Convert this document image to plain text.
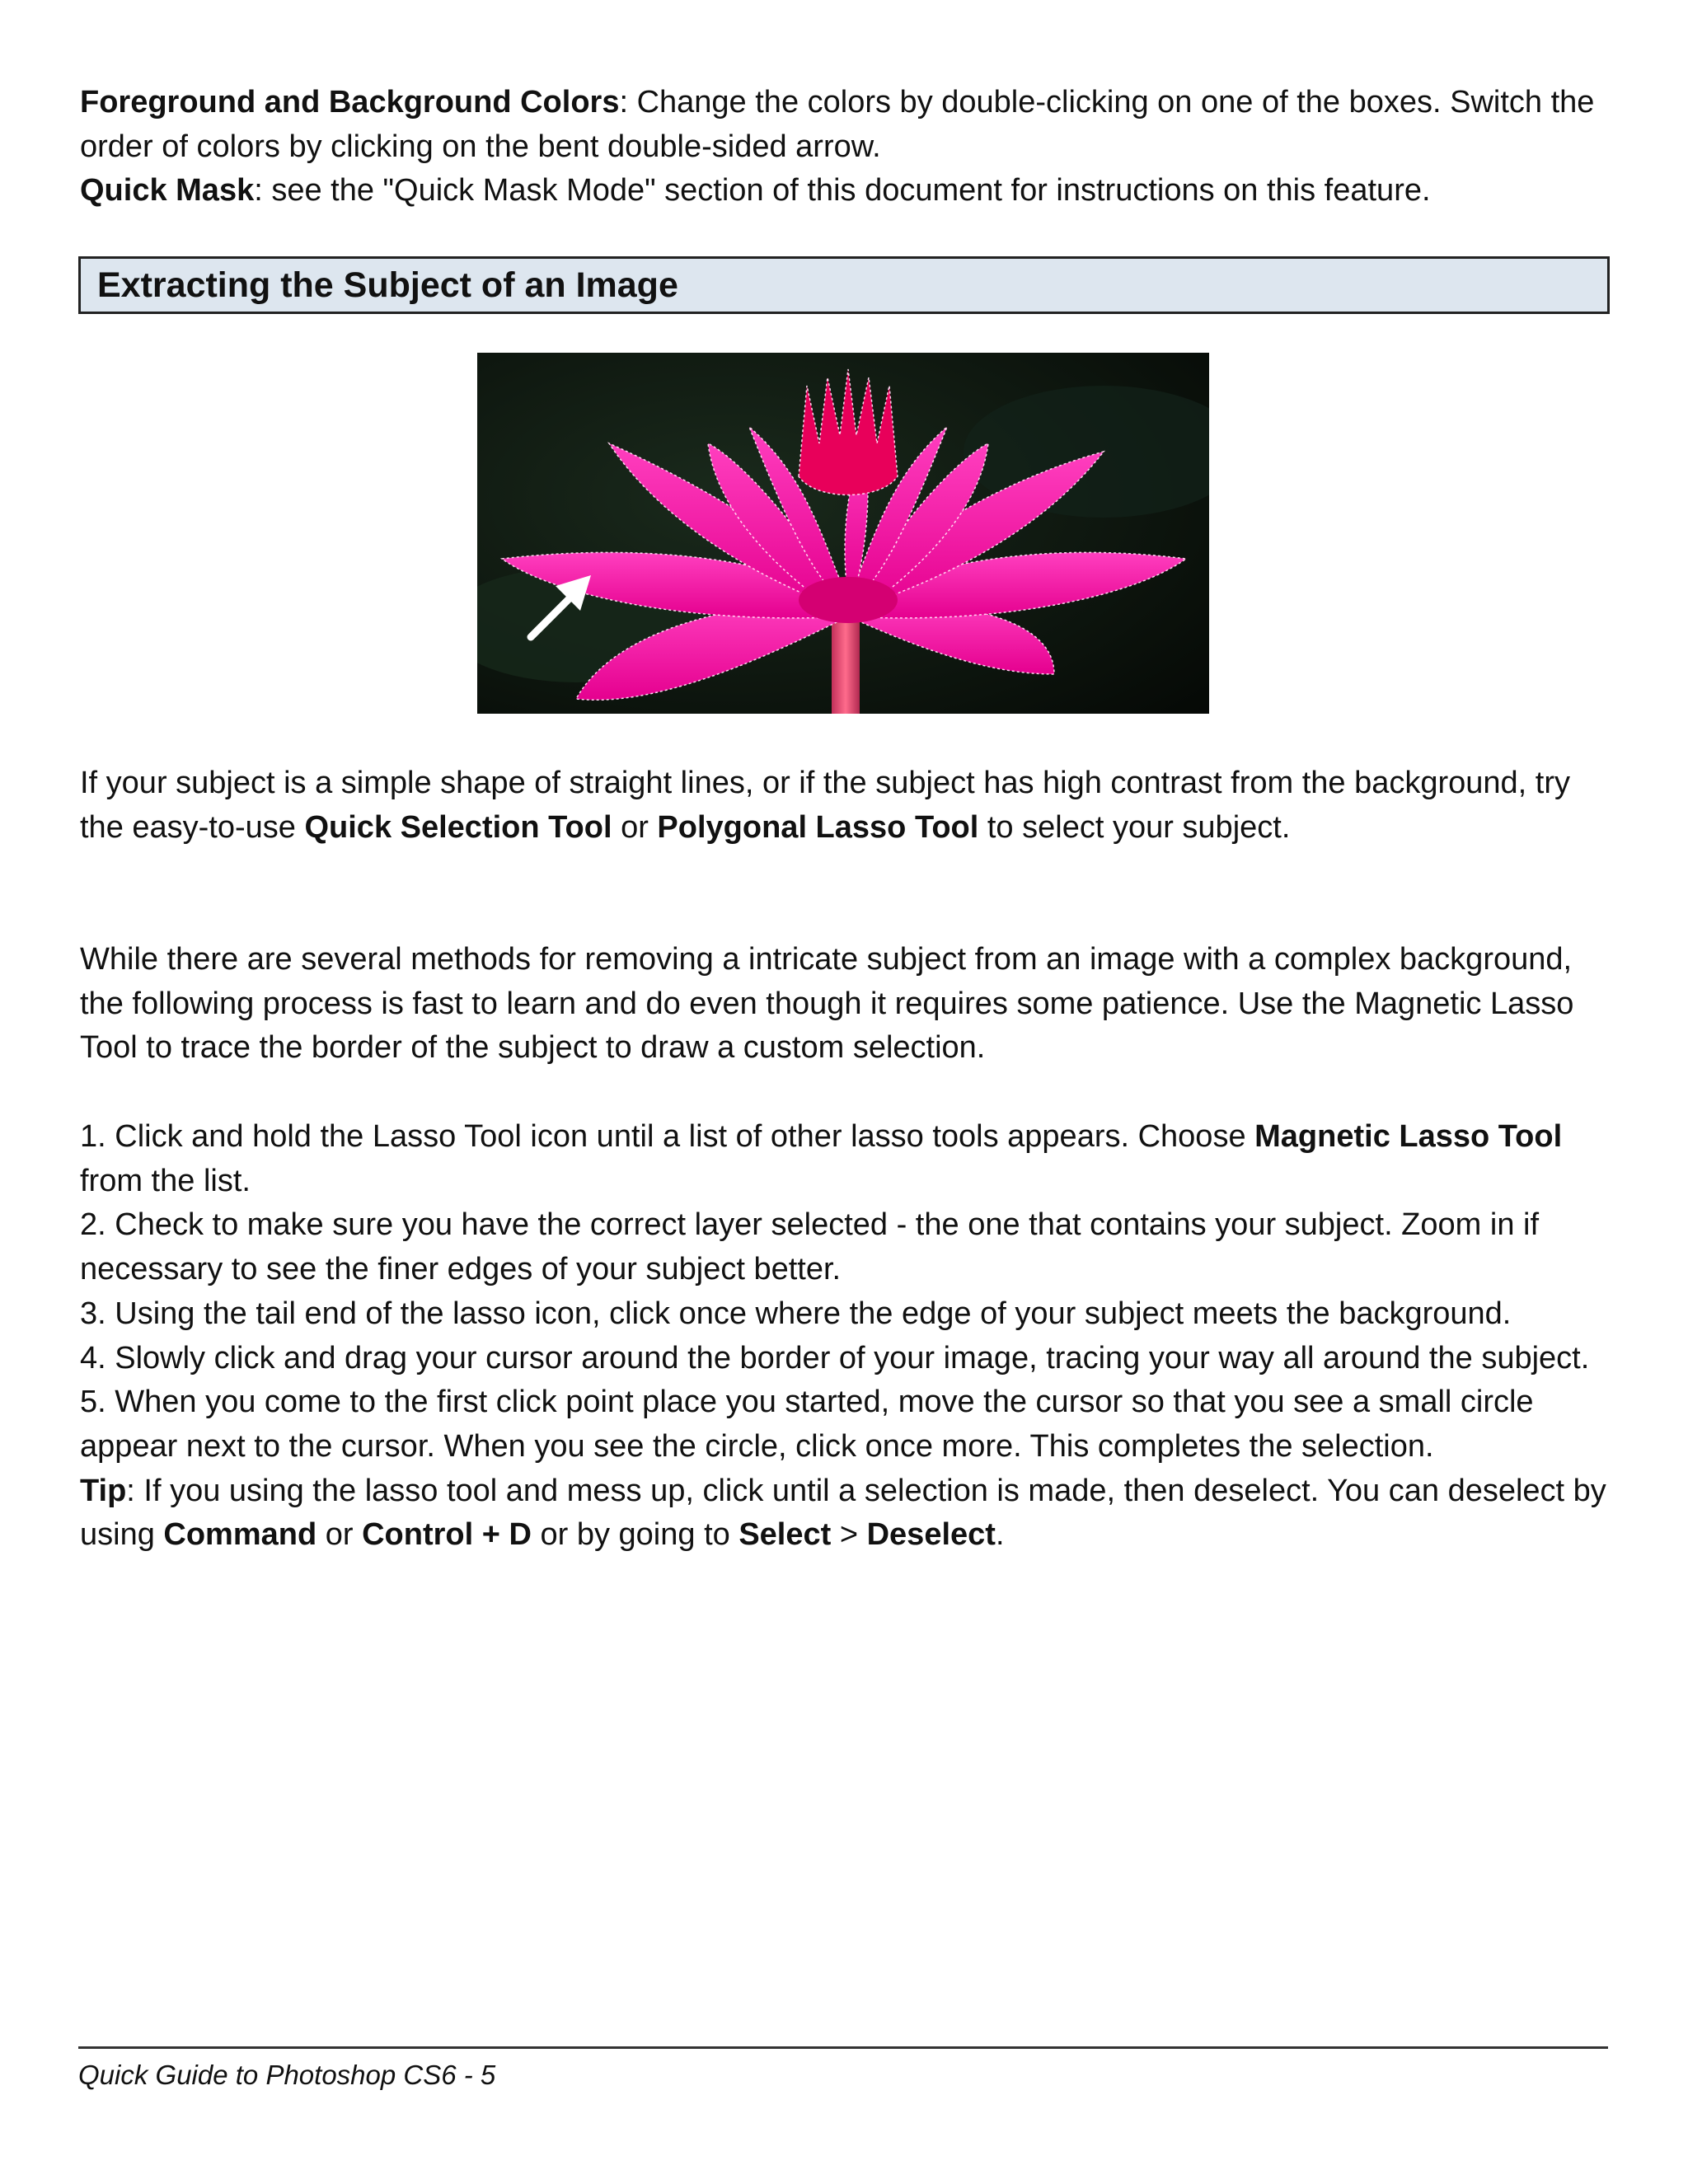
Foreground and Background Colors: Change the colors by double-clicking on one of the boxes. Switch the order of colors by clicking on the bent double-sided arrow.
Quick Mask: see the "Quick Mask Mode" section of this document for instructions on this feature.

Extracting the Subject of an Image

If your subject is a simple shape of straight lines, or if the subject has high contrast from the background, try the easy-to-use Quick Selection Tool or Polygonal Lasso Tool to select your subject.

While there are several methods for removing a intricate subject from an image with a complex background, the following process is fast to learn and do even though it requires some patience. Use the Magnetic Lasso Tool to trace the border of the subject to draw a custom selection.

1. Click and hold the Lasso Tool icon until a list of other lasso tools appears. Choose Magnetic Lasso Tool from the list.
2. Check to make sure you have the correct layer selected - the one that contains your subject. Zoom in if necessary to see the finer edges of your subject better.
3. Using the tail end of the lasso icon, click once where the edge of your subject meets the background.
4. Slowly click and drag your cursor around the border of your image, tracing your way all around the subject.
5. When you come to the first click point place you started, move the cursor so that you see a small circle appear next to the cursor. When you see the circle, click once more. This completes the selection.
Tip: If you using the lasso tool and mess up, click until a selection is made, then deselect. You can deselect by using Command or Control + D or by going to Select > Deselect.
Quick Guide to Photoshop CS6 - 5
